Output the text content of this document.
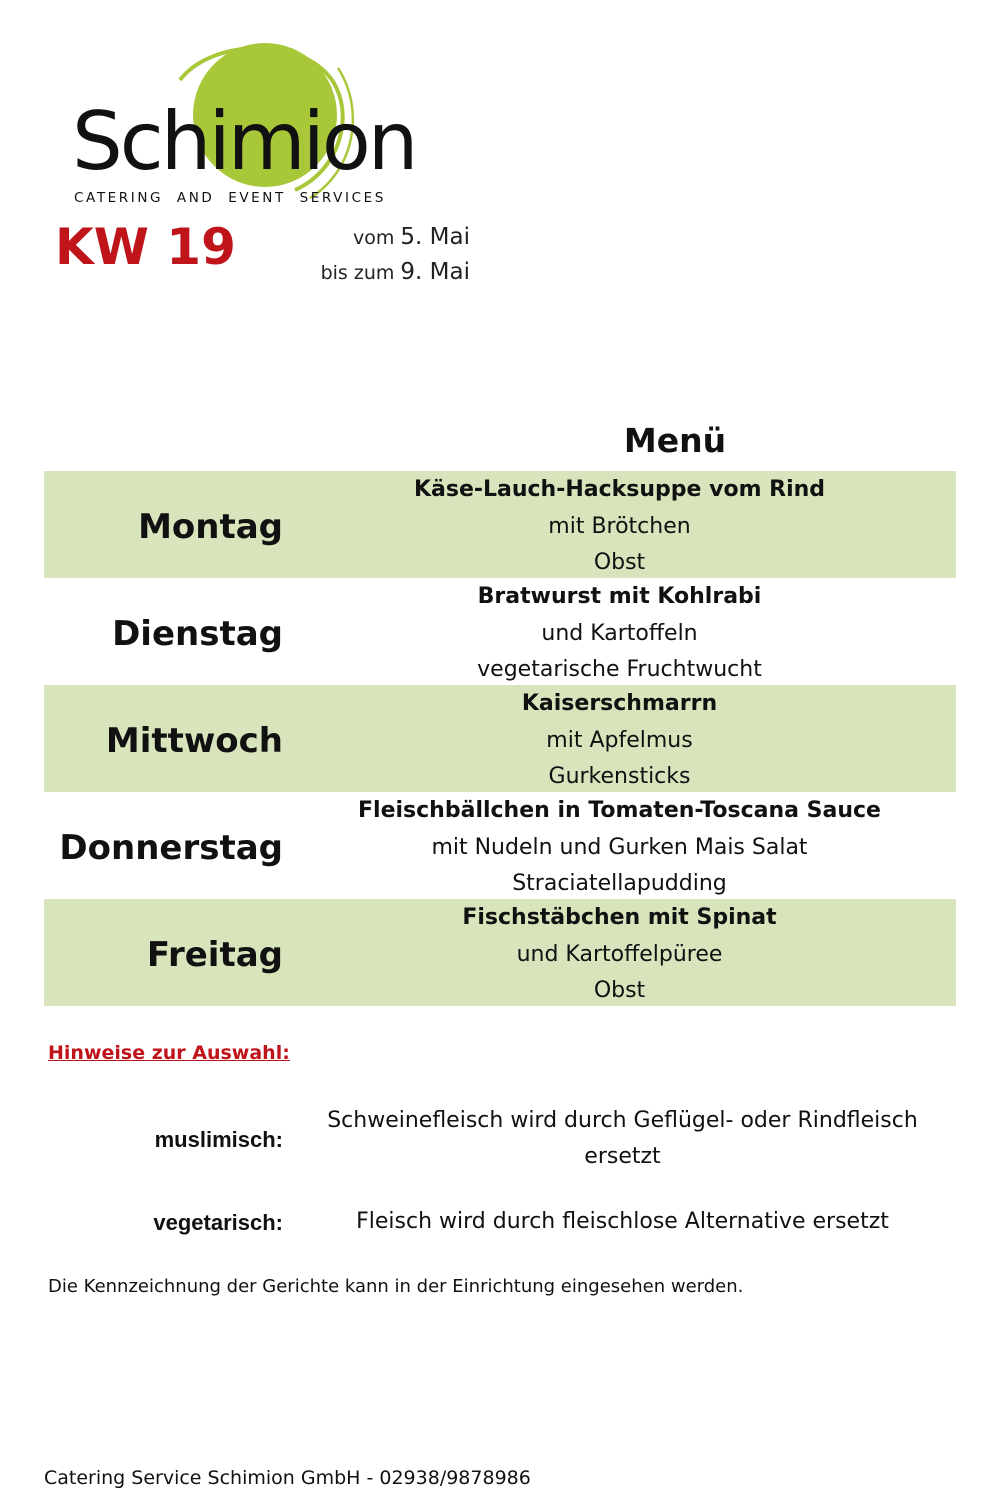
Schimion
CATERING  AND  EVENT  SERVICES
KW 19	vom 5. Mai
bis zum 9. Mai
Menü
Montag
Käse-Lauch-Hacksuppe vom Rind
mit Brötchen
Obst
Dienstag
Bratwurst mit Kohlrabi
und Kartoffeln
vegetarische Fruchtwucht
Mittwoch
Kaiserschmarrn
mit Apfelmus
Gurkensticks
Donnerstag
Fleischbällchen in Tomaten-Toscana Sauce
mit Nudeln und Gurken Mais Salat
Straciatellapudding
Freitag
Fischstäbchen mit Spinat
und Kartoffelpüree
Obst
Hinweise zur Auswahl:
muslimisch:
Schweinefleisch wird durch Geflügel- oder Rindfleisch
ersetzt
vegetarisch:	Fleisch wird durch fleischlose Alternative ersetzt
Die Kennzeichnung der Gerichte kann in der Einrichtung eingesehen werden.
Catering Service Schimion GmbH - 02938/9878986
